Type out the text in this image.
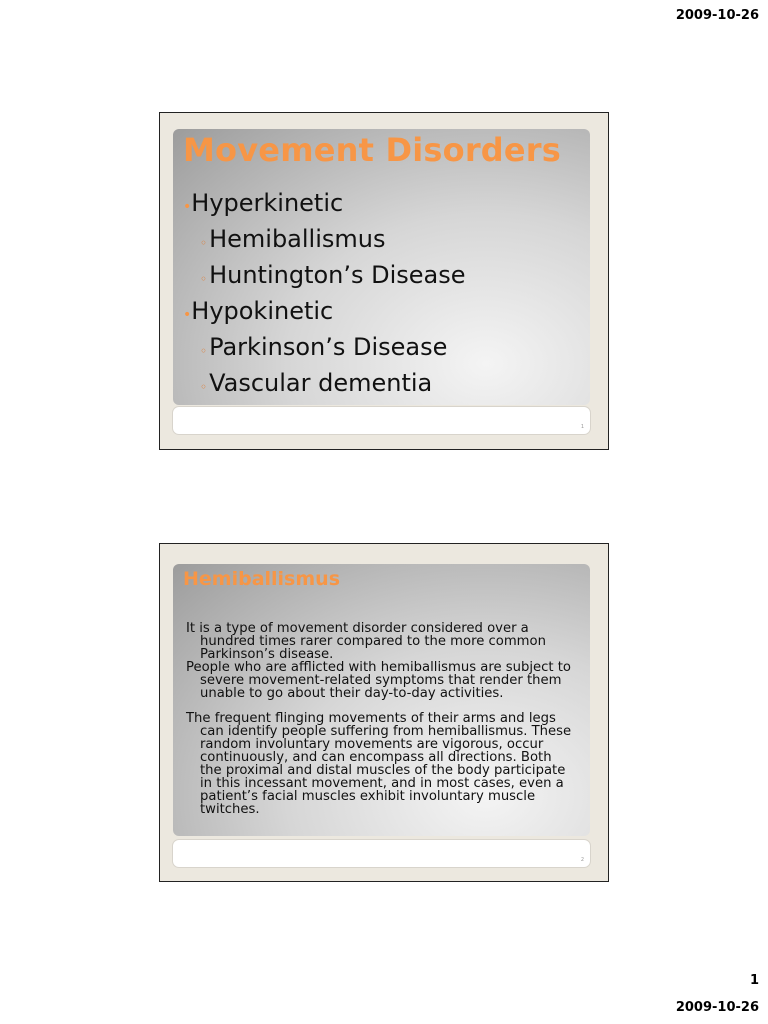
2009-10-26
Movement Disorders
•Hyperkinetic
◦Hemiballismus
◦Huntington’s Disease
•Hypokinetic
◦Parkinson’s Disease
◦Vascular dementia
1
Hemiballismus

It is a type of movement disorder considered over a hundred times rarer compared to the more common Parkinson’s disease.

People who are afflicted with hemiballismus are subject to severe movement-related symptoms that render them unable to go about their day-to-day activities.

The frequent flinging movements of their arms and legs can identify people suffering from hemiballismus. These random involuntary movements are vigorous, occur continuously, and can encompass all directions. Both the proximal and distal muscles of the body participate in this incessant movement, and in most cases, even a patient’s facial muscles exhibit involuntary muscle twitches.

2
1
2009-10-26
